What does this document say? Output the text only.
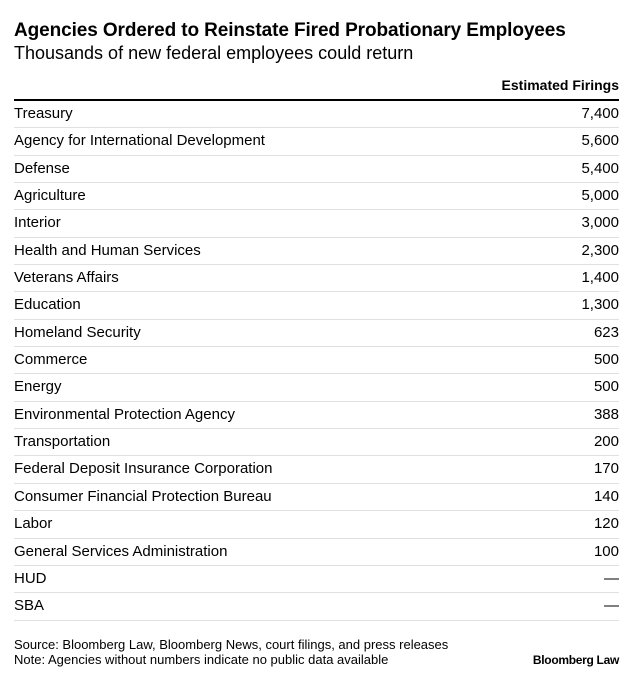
Agencies Ordered to Reinstate Fired Probationary Employees
Thousands of new federal employees could return
Estimated Firings
Treasury	7,400
Agency for International Development	5,600
Defense	5,400
Agriculture	5,000
Interior	3,000
Health and Human Services	2,300
Veterans Affairs	1,400
Education	1,300
Homeland Security	623
Commerce	500
Energy	500
Environmental Protection Agency	388
Transportation	200
Federal Deposit Insurance Corporation	170
Consumer Financial Protection Bureau	140
Labor	120
General Services Administration	100
HUD	—
SBA	—
Source: Bloomberg Law, Bloomberg News, court filings, and press releases
Note: Agencies without numbers indicate no public data available	Bloomberg Law
